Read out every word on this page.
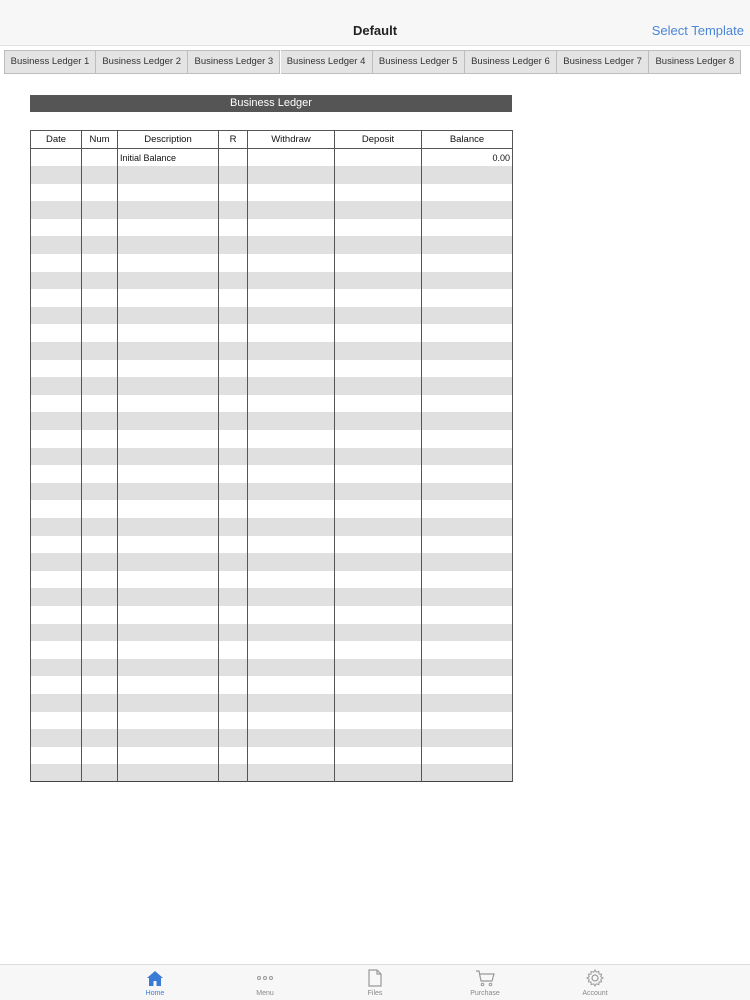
Default	Select Template
Business Ledger 1	Business Ledger 2	Business Ledger 3	Business Ledger 4	Business Ledger 5	Business Ledger 6	Business Ledger 7	Business Ledger 8
Business Ledger
Date	Num	Description	R	Withdraw	Deposit	Balance
		Initial Balance				0.00

Home	Menu	Files	Purchase	Account
